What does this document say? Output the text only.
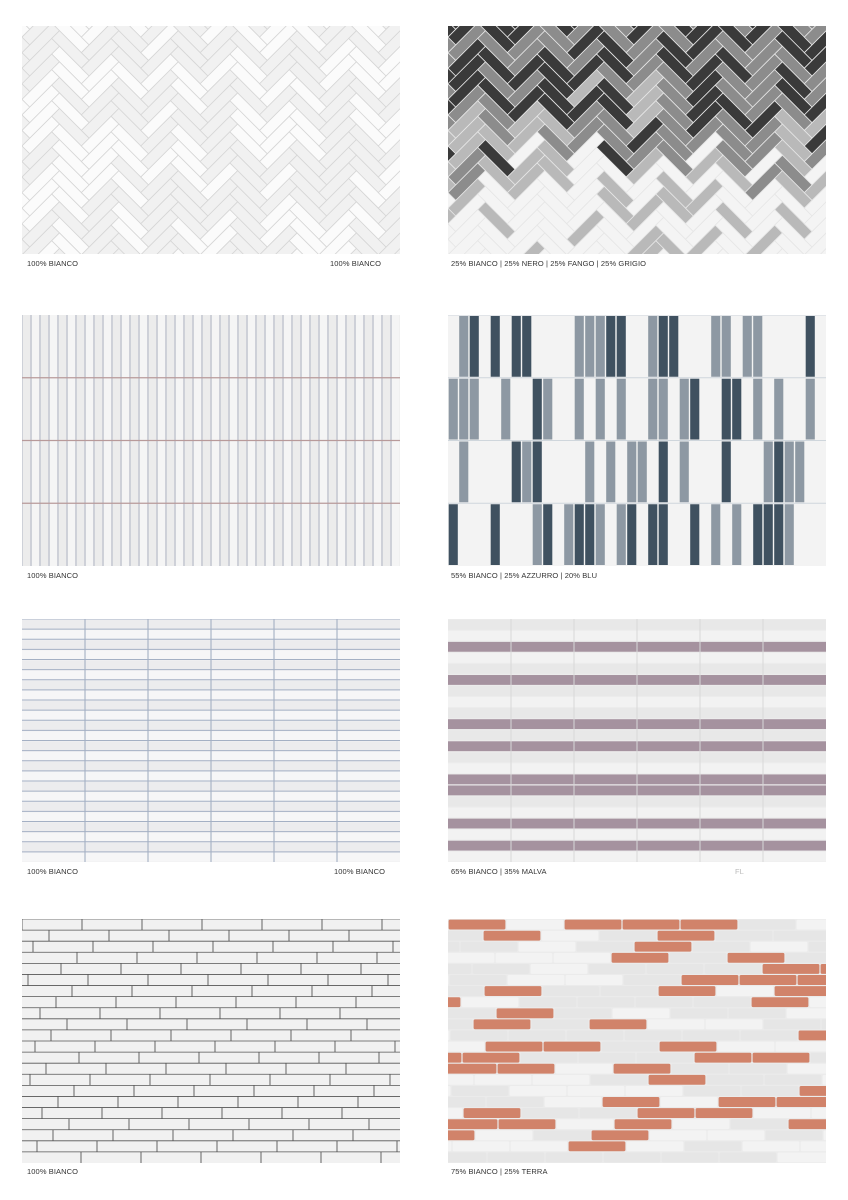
100% BIANCO	100% BIANCO	25% BIANCO | 25% NERO | 25% FANGO | 25% GRIGIO
100% BIANCO	55% BIANCO | 25% AZZURRO | 20% BLU
100% BIANCO	100% BIANCO	65% BIANCO | 35% MALVA	FL
100% BIANCO	75% BIANCO | 25% TERRA
